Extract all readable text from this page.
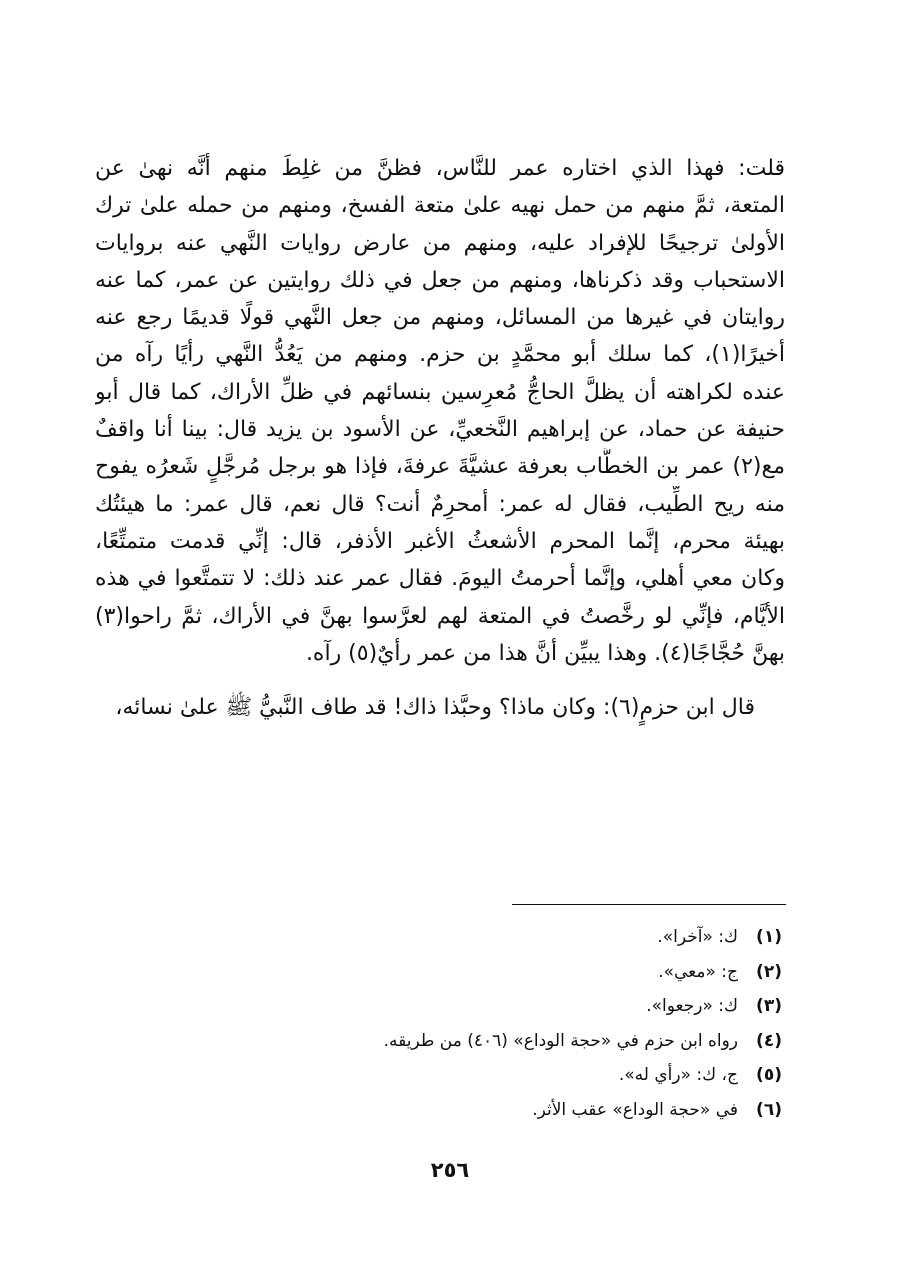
قلت: فهذا الذي اختاره عمر للنَّاس، فظنَّ من غلِطَ منهم أنَّه نهىٰ عن
المتعة، ثمَّ منهم من حمل نهيه علىٰ متعة الفسخ، ومنهم من حمله علىٰ ترك
الأولىٰ ترجيحًا للإفراد عليه، ومنهم من عارض روايات النَّهي عنه بروايات
الاستحباب وقد ذكرناها، ومنهم من جعل في ذلك روايتين عن عمر، كما عنه
روايتان في غيرها من المسائل، ومنهم من جعل النَّهي قولًا قديمًا رجع عنه
أخيرًا(١)، كما سلك أبو محمَّدٍ بن حزم. ومنهم من يَعُدُّ النَّهي رأيًا رآه من
عنده لكراهته أن يظلَّ الحاجُّ مُعرِسين بنسائهم في ظلِّ الأراك، كما قال أبو
حنيفة عن حماد، عن إبراهيم النَّخعيِّ، عن الأسود بن يزيد قال: بينا أنا واقفٌ
مع(٢) عمر بن الخطَّاب بعرفة عشيَّةَ عرفةَ، فإذا هو برجل مُرجَّلٍ شَعرُه يفوح
منه ريح الطِّيب، فقال له عمر: أمحرِمٌ أنت؟ قال نعم، قال عمر: ما هيئتُك
بهيئة محرم، إنَّما المحرم الأشعثُ الأغبر الأذفر، قال: إنِّي قدمت متمتِّعًا،
وكان معي أهلي، وإنَّما أحرمتُ اليومَ. فقال عمر عند ذلك: لا تتمتَّعوا في هذه
الأيَّام، فإنِّي لو رخَّصتُ في المتعة لهم لعرَّسوا بهنَّ في الأراك، ثمَّ راحوا(٣)
بهنَّ حُجَّاجًا(٤). وهذا يبيِّن أنَّ هذا من عمر رأيٌ(٥) رآه.
قال ابن حزمٍ(٦): وكان ماذا؟ وحبَّذا ذاك! قد طاف النَّبيُّ ﷺ علىٰ نسائه،
(١)ك: «آخرا».
(٢)ج: «معي».
(٣)ك: «رجعوا».
(٤)رواه ابن حزم في «حجة الوداع» (٤٠٦) من طريقه.
(٥)ج، ك: «رأي له».
(٦)في «حجة الوداع» عقب الأثر.
٢٥٦
